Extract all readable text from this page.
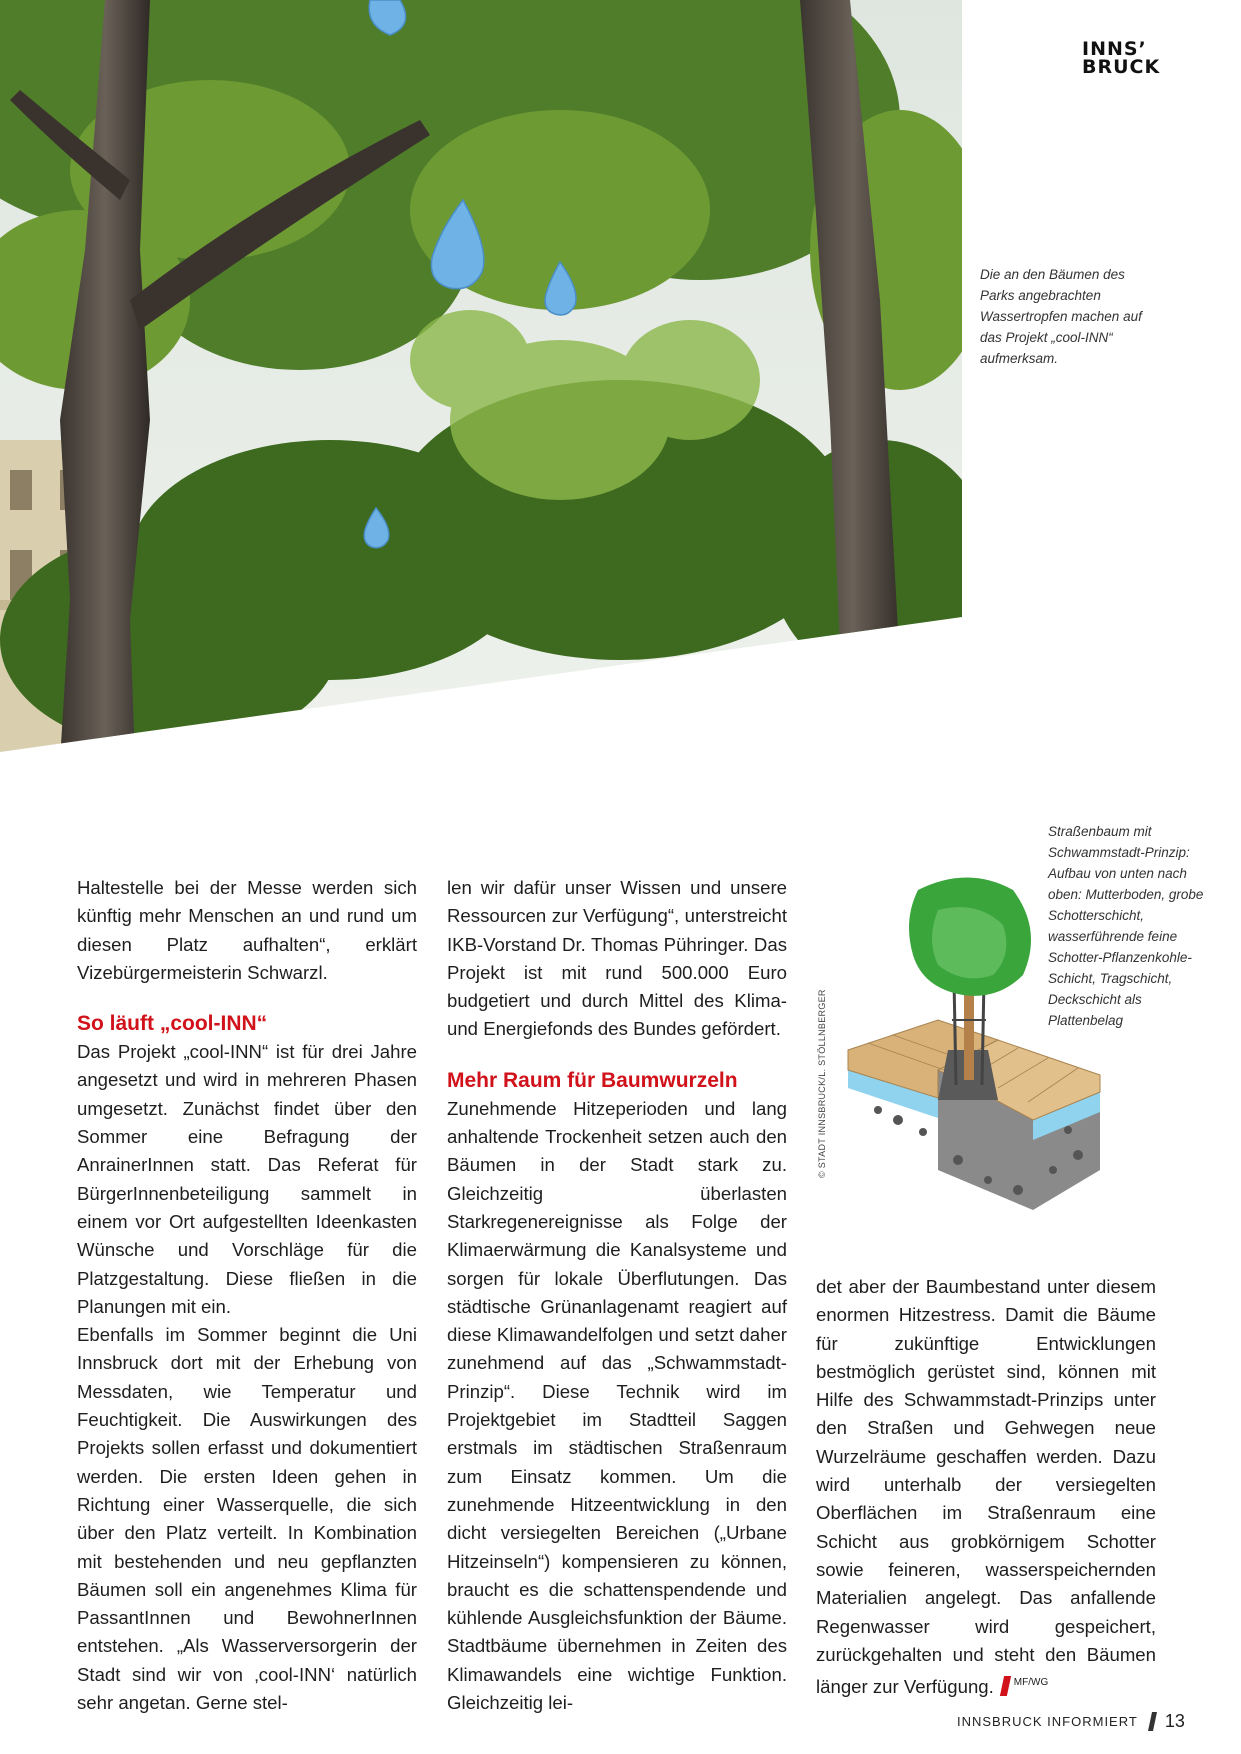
INNS’
BRUCK
Die an den Bäumen des Parks angebrachten Wassertropfen machen auf das Projekt „cool-INN“ aufmerksam.
Straßenbaum mit Schwammstadt-Prinzip: Aufbau von unten nach oben: Mutterboden, grobe Schotterschicht, wasserführende feine Schotter-Pflanzenkohle-Schicht, Tragschicht, Deckschicht als Plattenbelag
© STADT INNSBRUCK/L. STÖLLNBERGER

Haltestelle bei der Messe werden sich künftig mehr Menschen an und rund um diesen Platz aufhalten“, erklärt Vizebürgermeisterin Schwarzl.

So läuft „cool-INN“

Das Projekt „cool-INN“ ist für drei Jahre angesetzt und wird in mehreren Phasen umgesetzt. Zunächst findet über den Sommer eine Befragung der AnrainerInnen statt. Das Referat für BürgerInnenbeteiligung sammelt in einem vor Ort aufgestellten Ideenkasten Wünsche und Vorschläge für die Platzgestaltung. Diese fließen in die Planungen mit ein.

Ebenfalls im Sommer beginnt die Uni Innsbruck dort mit der Erhebung von Messdaten, wie Temperatur und Feuchtigkeit. Die Auswirkungen des Projekts sollen erfasst und dokumentiert werden. Die ersten Ideen gehen in Richtung einer Wasserquelle, die sich über den Platz verteilt. In Kombination mit bestehenden und neu gepflanzten Bäumen soll ein angenehmes Klima für PassantInnen und BewohnerInnen entstehen. „Als Wasserversorgerin der Stadt sind wir von ‚cool-INN‘ natürlich sehr angetan. Gerne stel-

len wir dafür unser Wissen und unsere Ressourcen zur Verfügung“, unterstreicht IKB-Vorstand Dr. Thomas Pühringer. Das Projekt ist mit rund 500.000 Euro budgetiert und durch Mittel des Klima- und Energiefonds des Bundes gefördert.

Mehr Raum für Baumwurzeln

Zunehmende Hitzeperioden und lang anhaltende Trockenheit setzen auch den Bäumen in der Stadt stark zu. Gleichzeitig überlasten Starkregenereignisse als Folge der Klimaerwärmung die Kanalsysteme und sorgen für lokale Überflutungen. Das städtische Grünanlagenamt reagiert auf diese Klimawandelfolgen und setzt daher zunehmend auf das „Schwammstadt-Prinzip“. Diese Technik wird im Projektgebiet im Stadtteil Saggen erstmals im städtischen Straßenraum zum Einsatz kommen. Um die zunehmende Hitzeentwicklung in den dicht versiegelten Bereichen („Urbane Hitzeinseln“) kompensieren zu können, braucht es die schattenspendende und kühlende Ausgleichsfunktion der Bäume. Stadtbäume übernehmen in Zeiten des Klimawandels eine wichtige Funktion. Gleichzeitig lei-

det aber der Baumbestand unter diesem enormen Hitzestress. Damit die Bäume für zukünftige Entwicklungen bestmöglich gerüstet sind, können mit Hilfe des Schwammstadt-Prinzips unter den Straßen und Gehwegen neue Wurzelräume geschaffen werden. Dazu wird unterhalb der versiegelten Oberflächen im Straßenraum eine Schicht aus grobkörnigem Schotter sowie feineren, wasserspeichernden Materialien angelegt. Das anfallende Regenwasser wird gespeichert, zurückgehalten und steht den Bäumen länger zur Verfügung. $^{MF/WG}$

INNSBRUCK INFORMIERT 13
